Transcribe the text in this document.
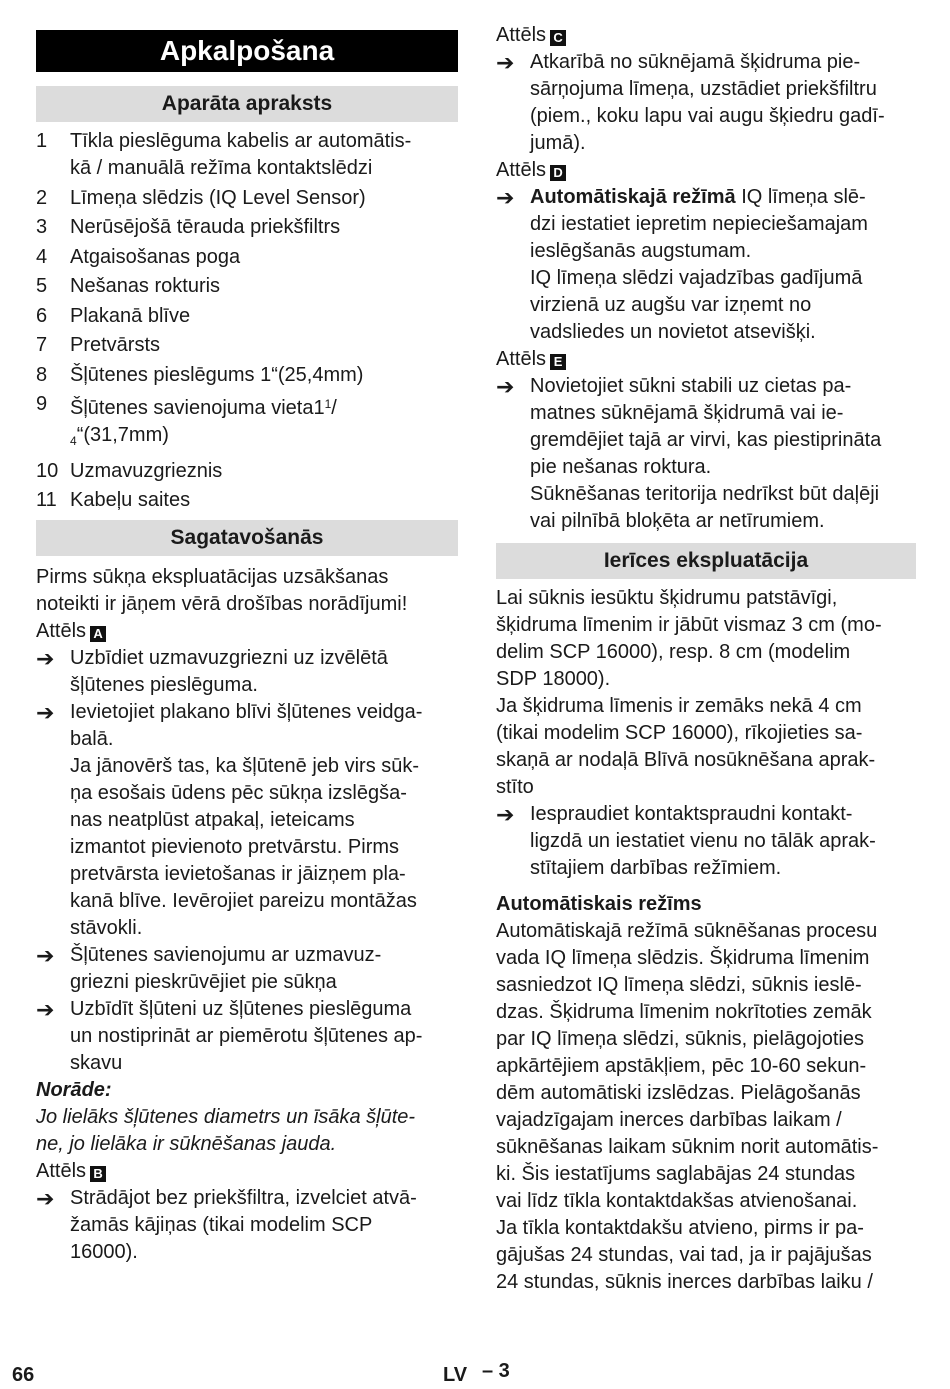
Apkalpošana
Aparāta apraksts
1	Tīkla pieslēguma kabelis ar automātis-
kā / manuālā režīma kontaktslēdzi
2	Līmeņa slēdzis (IQ Level Sensor)
3	Nerūsējošā tērauda priekšfiltrs
4	Atgaisošanas poga
5	Nešanas rokturis
6	Plakanā blīve
7	Pretvārsts
8	Šļūtenes pieslēgums 1“(25,4mm)
9	Šļūtenes savienojuma $vieta1^1/$
$_4$“(31,7mm)
10 Uzmavuzgrieznis
11 Kabeļu saites
Sagatavošanās
Pirms sūkņa ekspluatācijas uzsākšanas
noteikti ir jāņem vērā drošības norādījumi!
Attēls A
➔ Uzbīdiet uzmavuzgriezni uz izvēlētā
šļūtenes pieslēguma.
➔ Ievietojiet plakano blīvi šļūtenes veidga-
balā.
Ja jānovērš tas, ka šļūtenē jeb virs sūk-
ņa esošais ūdens pēc sūkņa izslēgša-
nas neatplūst atpakaļ, ieteicams
izmantot pievienoto pretvārstu. Pirms
pretvārsta ievietošanas ir jāizņem pla-
kanā blīve. Ievērojiet pareizu montāžas
stāvokli.
➔ Šļūtenes savienojumu ar uzmavuz-
griezni pieskrūvējiet pie sūkņa
➔ Uzbīdīt šļūteni uz šļūtenes pieslēguma
un nostiprināt ar piemērotu šļūtenes ap-
skavu
Norāde:
Jo lielāks šļūtenes diametrs un īsāka šļūte-
ne, jo lielāka ir sūknēšanas jauda.
Attēls B
➔ Strādājot bez priekšfiltra, izvelciet atvā-
žamās kājiņas (tikai modelim SCP
16000).
Attēls C
➔ Atkarībā no sūknējamā šķidruma pie-
sārņojuma līmeņa, uzstādiet priekšfiltru
(piem., koku lapu vai augu šķiedru gadī-
jumā).
Attēls D
➔ Automātiskajā režīmā IQ līmeņa slē-
dzi iestatiet iepretim nepieciešamajam
ieslēgšanās augstumam.
IQ līmeņa slēdzi vajadzības gadījumā
virzienā uz augšu var izņemt no
vadsliedes un novietot atsevišķi.
Attēls E
➔ Novietojiet sūkni stabili uz cietas pa-
matnes sūknējamā šķidrumā vai ie-
gremdējiet tajā ar virvi, kas piestiprināta
pie nešanas roktura.
Sūknēšanas teritorija nedrīkst būt daļēji
vai pilnībā bloķēta ar netīrumiem.
Ierīces ekspluatācija
Lai sūknis iesūktu šķidrumu patstāvīgi,
šķidruma līmenim ir jābūt vismaz 3 cm (mo-
delim SCP 16000), resp. 8 cm (modelim
SDP 18000).
Ja šķidruma līmenis ir zemāks nekā 4 cm
(tikai modelim SCP 16000), rīkojieties sa-
skaņā ar nodaļā Blīvā nosūknēšana aprak-
stīto
➔ Iespraudiet kontaktspraudni kontakt-
ligzdā un iestatiet vienu no tālāk aprak-
stītajiem darbības režīmiem.
Automātiskais režīms
Automātiskajā režīmā sūknēšanas procesu
vada IQ līmeņa slēdzis. Šķidruma līmenim
sasniedzot IQ līmeņa slēdzi, sūknis ieslē-
dzas. Šķidruma līmenim nokrītoties zemāk
par IQ līmeņa slēdzi, sūknis, pielāgojoties
apkārtējiem apstākļiem, pēc 10-60 sekun-
dēm automātiski izslēdzas. Pielāgošanās
vajadzīgajam inerces darbības laikam /
sūknēšanas laikam sūknim norit automātis-
ki. Šis iestatījums saglabājas 24 stundas
vai līdz tīkla kontaktdakšas atvienošanai.
Ja tīkla kontaktdakšu atvieno, pirms ir pa-
gājušas 24 stundas, vai tad, ja ir pajājušas
24 stundas, sūknis inerces darbības laiku /
66	LV – 3
